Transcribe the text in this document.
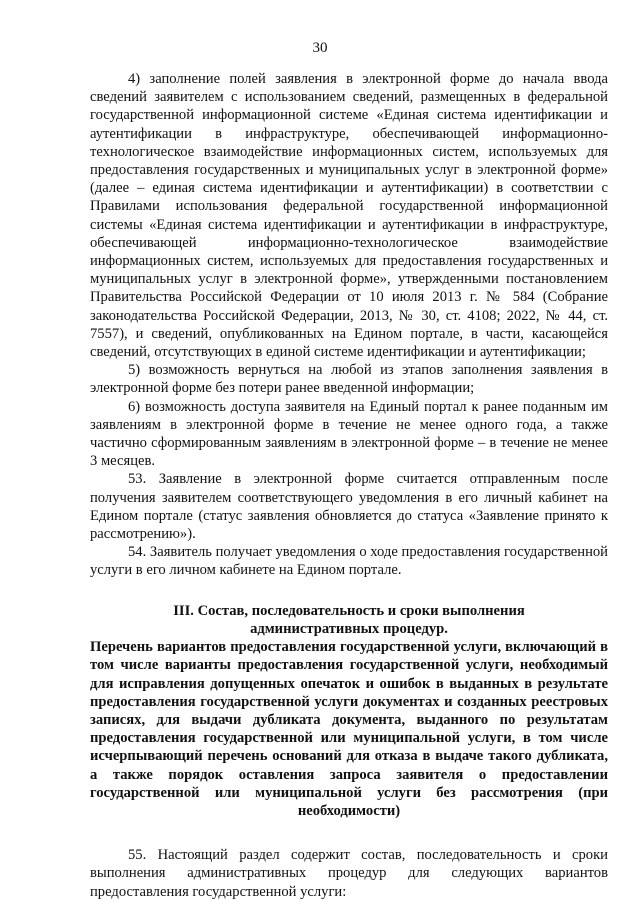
30

4) заполнение полей заявления в электронной форме до начала ввода сведений заявителем с использованием сведений, размещенных в федеральной государственной информационной системе «Единая система идентификации и аутентификации в инфраструктуре, обеспечивающей информационно-технологическое взаимодействие информационных систем, используемых для предоставления государственных и муниципальных услуг в электронной форме» (далее – единая система идентификации и аутентификации) в соответствии с Правилами использования федеральной государственной информационной системы «Единая система идентификации и аутентификации в инфраструктуре, обеспечивающей информационно-технологическое взаимодействие информационных систем, используемых для предоставления государственных и муниципальных услуг в электронной форме», утвержденными постановлением Правительства Российской Федерации от 10 июля 2013 г. № 584 (Собрание законодательства Российской Федерации, 2013, № 30, ст. 4108; 2022, № 44, ст. 7557), и сведений, опубликованных на Едином портале, в части, касающейся сведений, отсутствующих в единой системе идентификации и аутентификации;

5) возможность вернуться на любой из этапов заполнения заявления в электронной форме без потери ранее введенной информации;

6) возможность доступа заявителя на Единый портал к ранее поданным им заявлениям в электронной форме в течение не менее одного года, а также частично сформированным заявлениям в электронной форме – в течение не менее 3 месяцев.

53. Заявление в электронной форме считается отправленным после получения заявителем соответствующего уведомления в его личный кабинет на Едином портале (статус заявления обновляется до статуса «Заявление принято к рассмотрению»).

54. Заявитель получает уведомления о ходе предоставления государственной услуги в его личном кабинете на Едином портале.

III. Состав, последовательность и сроки выполнения административных процедур.
Перечень вариантов предоставления государственной услуги, включающий в том числе варианты предоставления государственной услуги, необходимый для исправления допущенных опечаток и ошибок в выданных в результате предоставления государственной услуги документах и созданных реестровых записях, для выдачи дубликата документа, выданного по результатам предоставления государственной или муниципальной услуги, в том числе исчерпывающий перечень оснований для отказа в выдаче такого дубликата, а также порядок оставления запроса заявителя о предоставлении государственной или муниципальной услуги без рассмотрения (при необходимости)

55. Настоящий раздел содержит состав, последовательность и сроки выполнения административных процедур для следующих вариантов предоставления государственной услуги:
